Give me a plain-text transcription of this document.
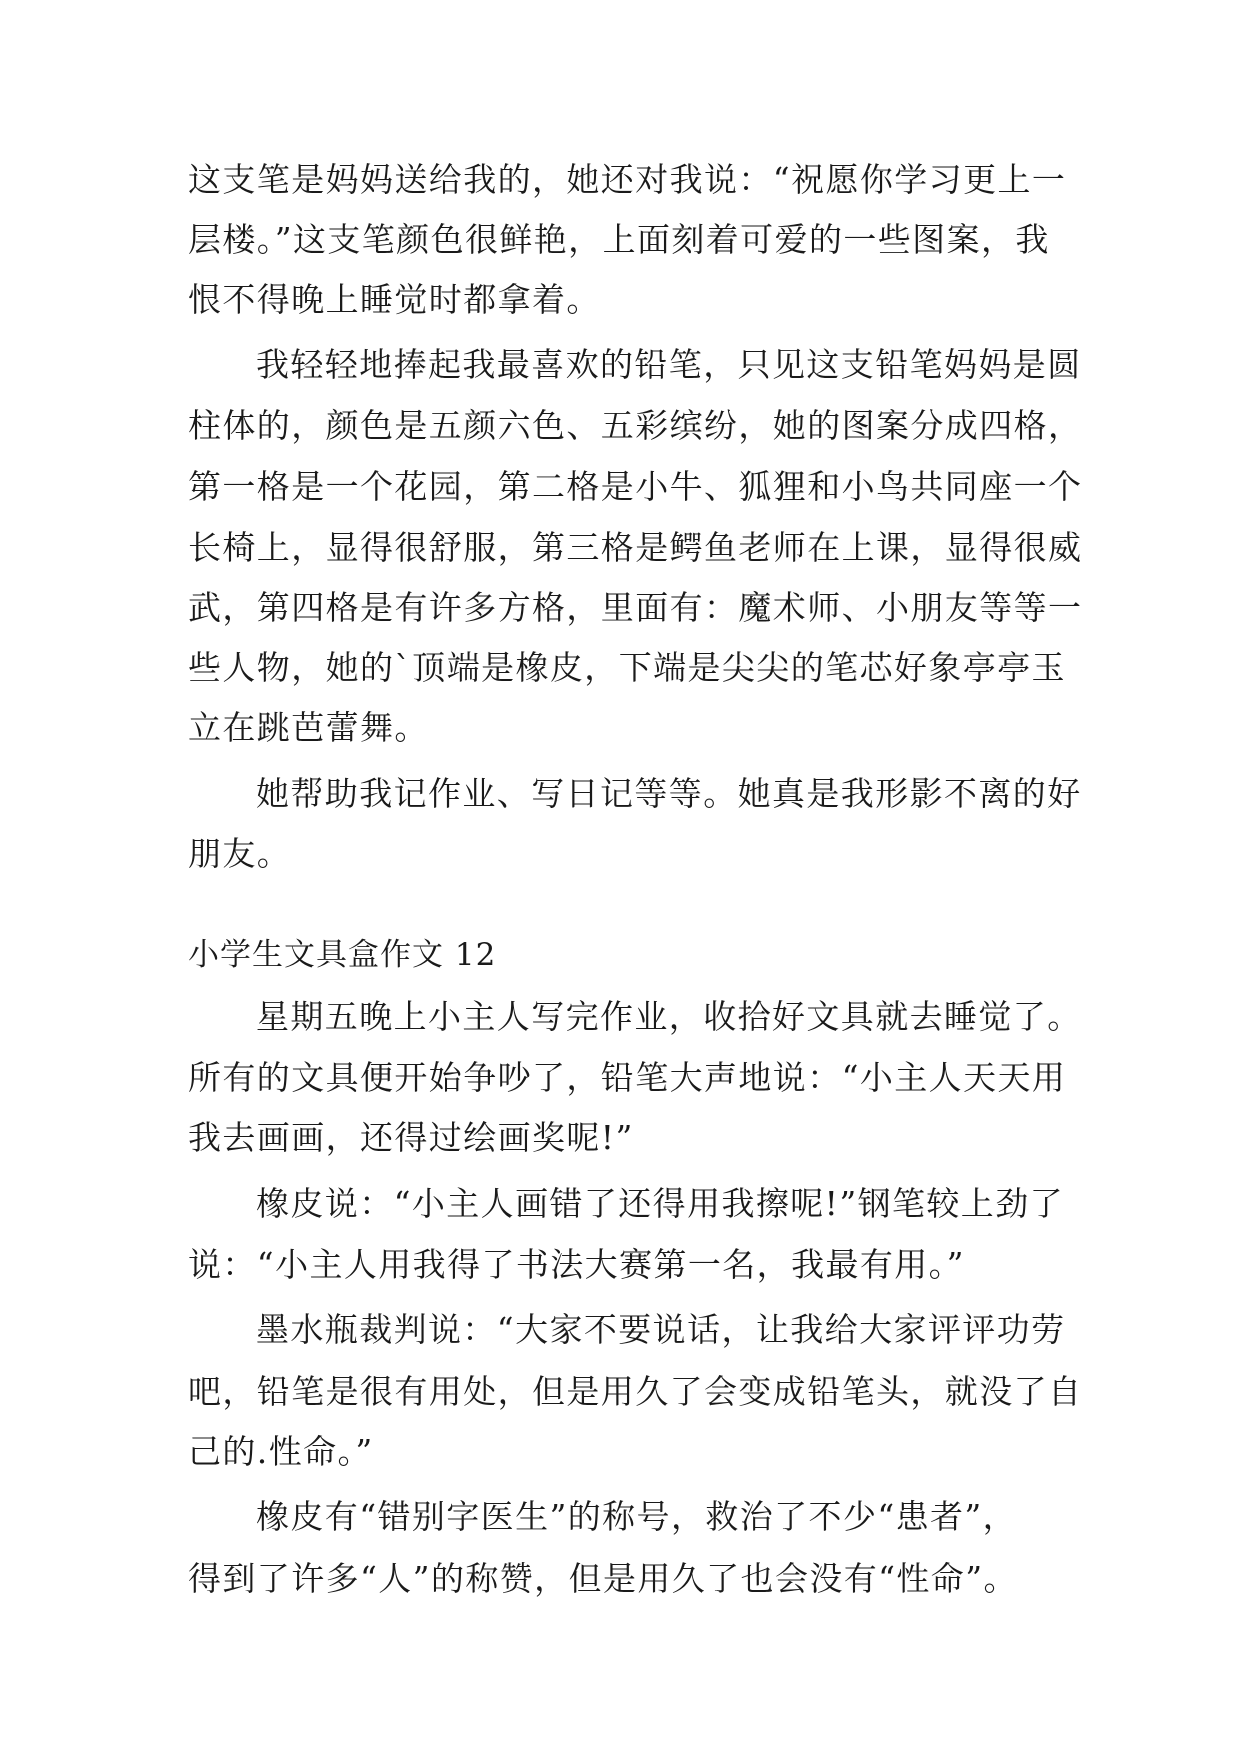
这支笔是妈妈送给我的，她还对我说：“祝愿你学习更上一
层楼。”这支笔颜色很鲜艳，上面刻着可爱的一些图案，我
恨不得晚上睡觉时都拿着。
我轻轻地捧起我最喜欢的铅笔，只见这支铅笔妈妈是圆
柱体的，颜色是五颜六色、五彩缤纷，她的图案分成四格，
第一格是一个花园，第二格是小牛、狐狸和小鸟共同座一个
长椅上，显得很舒服，第三格是鳄鱼老师在上课，显得很威
武，第四格是有许多方格，里面有：魔术师、小朋友等等一
些人物，她的`顶端是橡皮，下端是尖尖的笔芯好象亭亭玉
立在跳芭蕾舞。
她帮助我记作业、写日记等等。她真是我形影不离的好
朋友。
小学生文具盒作文 12
星期五晚上小主人写完作业，收拾好文具就去睡觉了。
所有的文具便开始争吵了，铅笔大声地说：“小主人天天用
我去画画，还得过绘画奖呢!”
橡皮说：“小主人画错了还得用我擦呢!”钢笔较上劲了
说：“小主人用我得了书法大赛第一名，我最有用。”
墨水瓶裁判说：“大家不要说话，让我给大家评评功劳
吧，铅笔是很有用处，但是用久了会变成铅笔头，就没了自
己的.性命。”
橡皮有“错别字医生”的称号，救治了不少“患者”，
得到了许多“人”的称赞，但是用久了也会没有“性命”。
